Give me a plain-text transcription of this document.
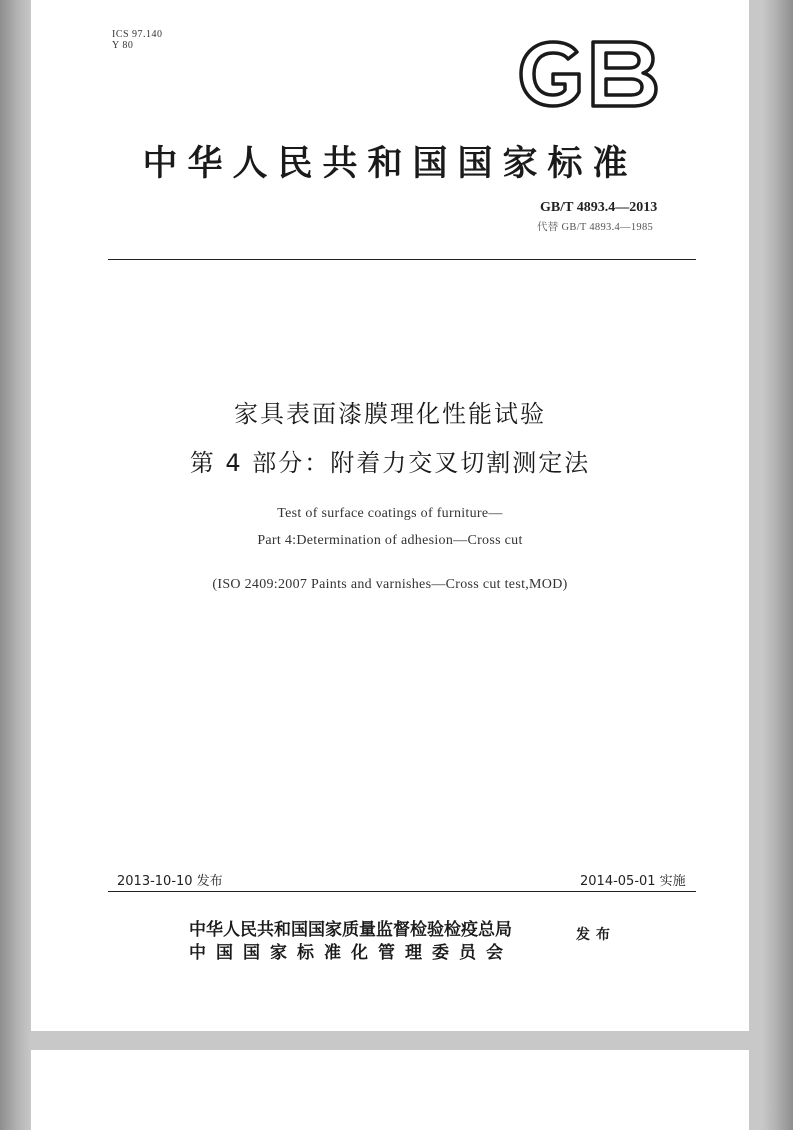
ICS 97.140
Y 80
中华人民共和国国家标准
GB/T 4893.4—2013
代替 GB/T 4893.4—1985
家具表面漆膜理化性能试验
第 4 部分：附着力交叉切割测定法
Test of surface coatings of furniture—
Part 4:Determination of adhesion—Cross cut
(ISO 2409:2007 Paints and varnishes—Cross cut test,MOD)
2013-10-10 发布	2014-05-01 实施
中华人民共和国国家质量监督检验检疫总局
中国国家标准化管理委员会
发布
